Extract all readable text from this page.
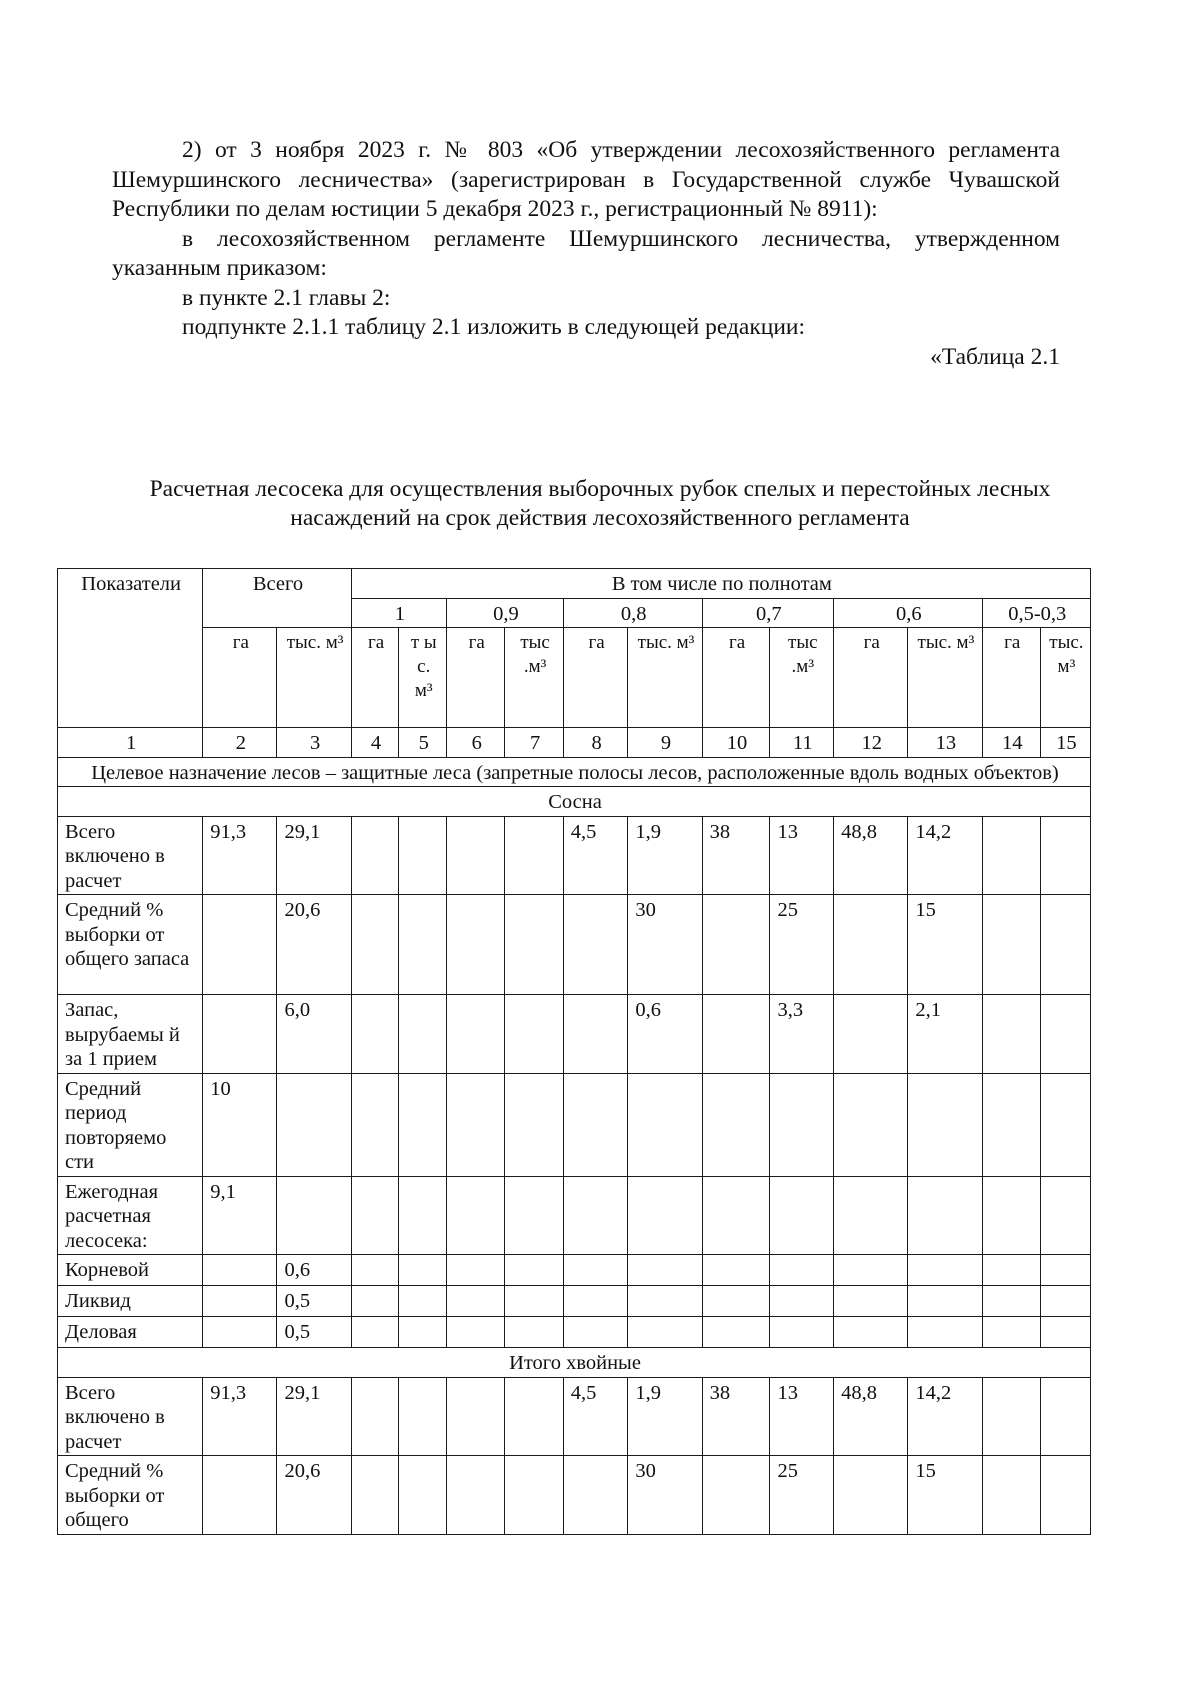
2) от 3 ноября 2023 г. № 803 «Об утверждении лесохозяйственного регламента Шемуршинского лесничества» (зарегистрирован в Государственной службе Чувашской Республики по делам юстиции 5 декабря 2023 г., регистрационный № 8911):

в лесохозяйственном регламенте Шемуршинского лесничества, утвержденном указанным приказом:

в пункте 2.1 главы 2:

подпункте 2.1.1 таблицу 2.1 изложить в следующей редакции:

«Таблица 2.1

Расчетная лесосека для осуществления выборочных рубок спелых и перестойных лесных

насаждений на срок действия лесохозяйственного регламента

Показатели	Всего		В том числе по полнотам											
			1		0,9		0,8		0,7		0,6		0,5-0,3	
	га	тыс. м³	га	т ы с. м³	га	тыс .м³	га	тыс. м³	га	тыс .м³	га	тыс. м³	га	тыс. м³
1	2	3	4	5	6	7	8	9	10	11	12	13	14	15
Целевое назначение лесов – защитные леса (запретные полосы лесов, расположенные вдоль водных объектов)														
Сосна														
Всего включено в расчет	91,3	29,1					4,5	1,9	38	13	48,8	14,2		
Средний % выборки от общего запаса		20,6						30		25		15		
Запас, вырубаемы й за 1 прием		6,0						0,6		3,3		2,1		
Средний период повторяемо сти	10													
Ежегодная расчетная лесосека:	9,1													
Корневой		0,6												
Ликвид		0,5												
Деловая		0,5												
Итого хвойные														
Всего включено в расчет	91,3	29,1					4,5	1,9	38	13	48,8	14,2		
Средний % выборки от общего		20,6						30		25		15		
